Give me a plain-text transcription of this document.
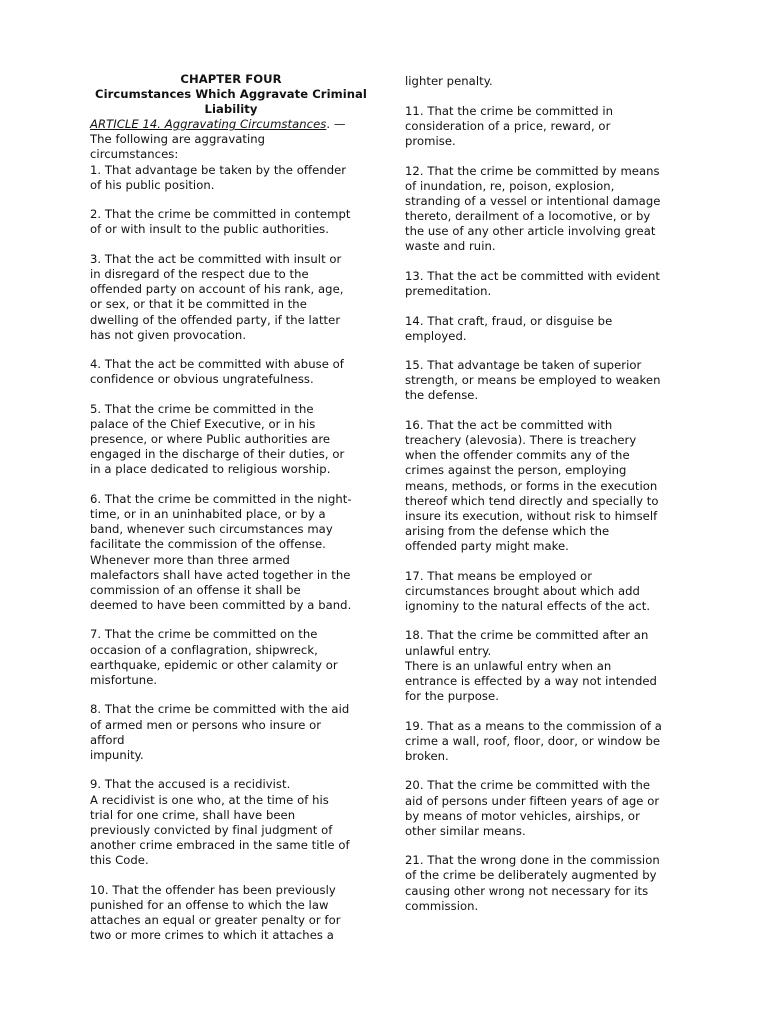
CHAPTER FOUR
Circumstances Which Aggravate Criminal
Liability

ARTICLE 14. Aggravating Circumstances. —
The following are aggravating
circumstances:

1. That advantage be taken by the offender
of his public position.

2. That the crime be committed in contempt
of or with insult to the public authorities.

3. That the act be committed with insult or
in disregard of the respect due to the
offended party on account of his rank, age,
or sex, or that it be committed in the
dwelling of the offended party, if the latter
has not given provocation.

4. That the act be committed with abuse of
confidence or obvious ungratefulness.

5. That the crime be committed in the
palace of the Chief Executive, or in his
presence, or where Public authorities are
engaged in the discharge of their duties, or
in a place dedicated to religious worship.

6. That the crime be committed in the night-
time, or in an uninhabited place, or by a
band, whenever such circumstances may
facilitate the commission of the offense.
Whenever more than three armed
malefactors shall have acted together in the
commission of an offense it shall be
deemed to have been committed by a band.

7. That the crime be committed on the
occasion of a conflagration, shipwreck,
earthquake, epidemic or other calamity or
misfortune.

8. That the crime be committed with the aid
of armed men or persons who insure or
afford
impunity.

9. That the accused is a recidivist.
A recidivist is one who, at the time of his
trial for one crime, shall have been
previously convicted by final judgment of
another crime embraced in the same title of
this Code.

10. That the offender has been previously
punished for an offense to which the law
attaches an equal or greater penalty or for
two or more crimes to which it attaches a

lighter penalty.

11. That the crime be committed in
consideration of a price, reward, or
promise.

12. That the crime be committed by means
of inundation, re, poison, explosion,
stranding of a vessel or intentional damage
thereto, derailment of a locomotive, or by
the use of any other article involving great
waste and ruin.

13. That the act be committed with evident
premeditation.

14. That craft, fraud, or disguise be
employed.

15. That advantage be taken of superior
strength, or means be employed to weaken
the defense.

16. That the act be committed with
treachery (alevosia). There is treachery
when the offender commits any of the
crimes against the person, employing
means, methods, or forms in the execution
thereof which tend directly and specially to
insure its execution, without risk to himself
arising from the defense which the
offended party might make.

17. That means be employed or
circumstances brought about which add
ignominy to the natural effects of the act.

18. That the crime be committed after an
unlawful entry.
There is an unlawful entry when an
entrance is effected by a way not intended
for the purpose.

19. That as a means to the commission of a
crime a wall, roof, floor, door, or window be
broken.

20. That the crime be committed with the
aid of persons under fifteen years of age or
by means of motor vehicles, airships, or
other similar means.

21. That the wrong done in the commission
of the crime be deliberately augmented by
causing other wrong not necessary for its
commission.
